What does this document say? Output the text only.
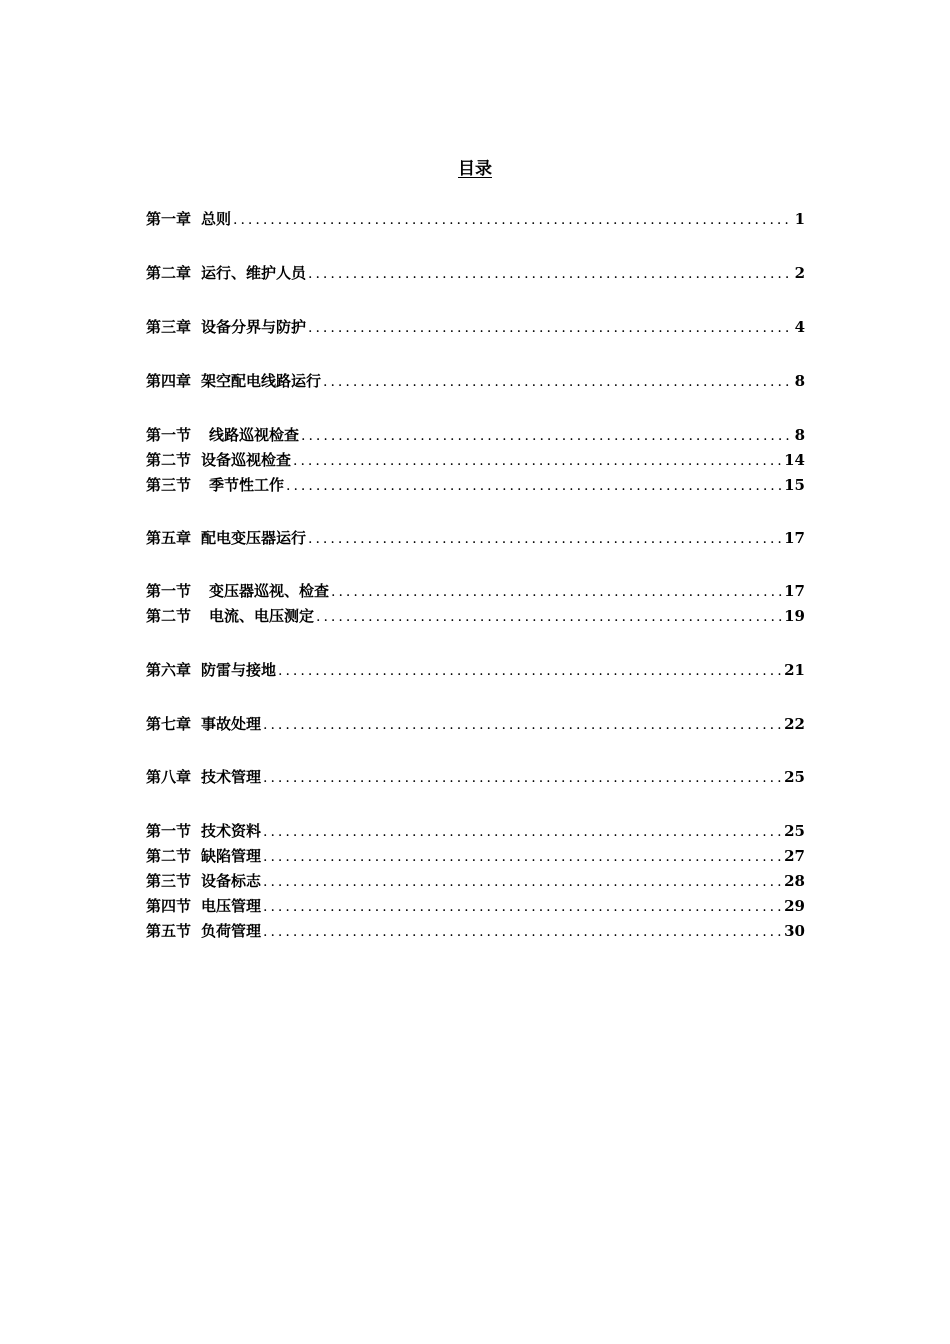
目录
第一章 总则 .....	1
第二章 运行、维护人员 .....	2
第三章 设备分界与防护 .....	4
第四章 架空配电线路运行 .....	8
第一节 线路巡视检查 .....	8
第二节 设备巡视检查 .....	14
第三节 季节性工作 .....	15
第五章 配电变压器运行 .....	17
第一节 变压器巡视、检查 .....	17
第二节 电流、电压测定 .....	19
第六章 防雷与接地 .....	21
第七章 事故处理 .....	22
第八章 技术管理 .....	25
第一节 技术资料 .....	25
第二节 缺陷管理 .....	27
第三节 设备标志 .....	28
第四节 电压管理 .....	29
第五节 负荷管理 .....	30
